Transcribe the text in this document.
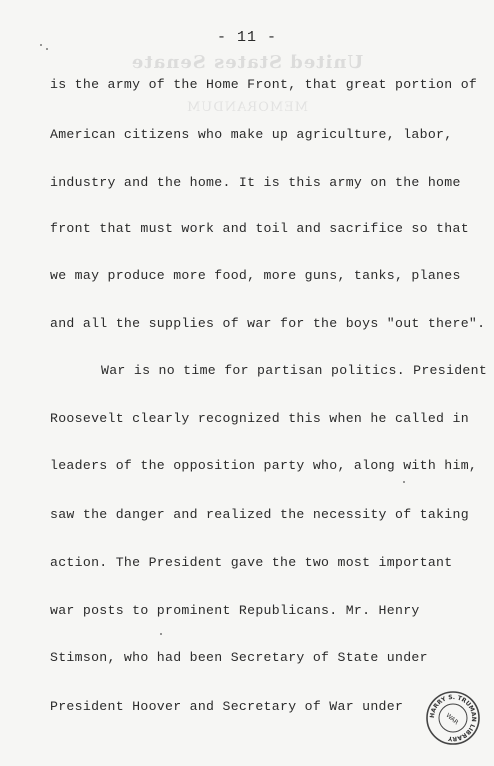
United States Senate
MEMORANDUM
- 11 -
is the army of the Home Front, that great portion of
American citizens who make up agriculture, labor,
industry and the home. It is this army on the home
front that must work and toil and sacrifice so that
we may produce more food, more guns, tanks, planes
and all the supplies of war for the boys "out there".
War is no time for partisan politics. President
Roosevelt clearly recognized this when he called in
leaders of the opposition party who, along with him,
saw the danger and realized the necessity of taking
action. The President gave the two most important
war posts to prominent Republicans. Mr. Henry
Stimson, who had been Secretary of State under
President Hoover and Secretary of War under
HARRY S. TRUMAN LIBRARY
WAR
